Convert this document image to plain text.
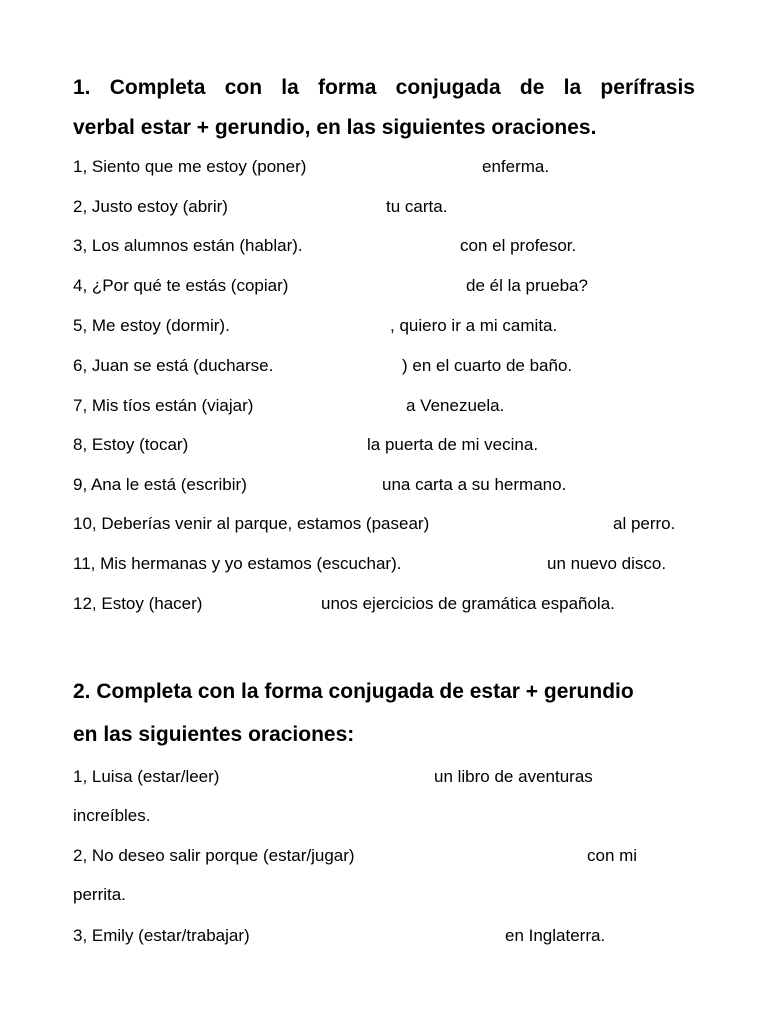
1. Completa con la forma conjugada de la perífrasis
verbal estar + gerundio, en las siguientes oraciones.
1, Siento que me estoy (poner)	enferma.
2, Justo estoy (abrir)	tu carta.
3, Los alumnos están (hablar).	con el profesor.
4, ¿Por qué te estás (copiar)	de él la prueba?
5, Me estoy (dormir).	, quiero ir a mi camita.
6, Juan se está (ducharse.	) en el cuarto de baño.
7, Mis tíos están (viajar)	a Venezuela.
8, Estoy (tocar)	la puerta de mi vecina.
9, Ana le está (escribir)	una carta a su hermano.
10, Deberías venir al parque, estamos (pasear)	al perro.
11, Mis hermanas y yo estamos (escuchar).	un nuevo disco.
12, Estoy (hacer)	unos ejercicios de gramática española.
2. Completa con la forma conjugada de estar + gerundio
en las siguientes oraciones:
1, Luisa (estar/leer)	un libro de aventuras
increíbles.
2, No deseo salir porque (estar/jugar)	con mi
perrita.
3, Emily (estar/trabajar)	en Inglaterra.
